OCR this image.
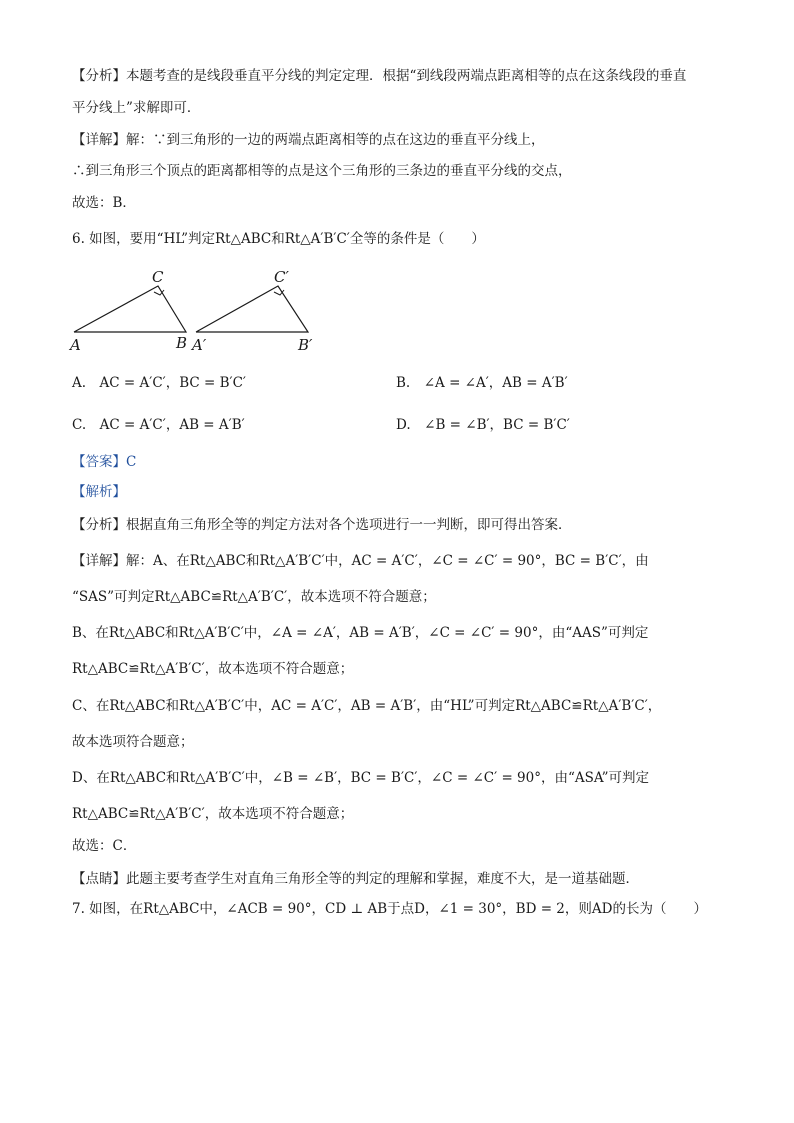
【分析】本题考查的是线段垂直平分线的判定定理．根据“到线段两端点距离相等的点在这条线段的垂直
平分线上”求解即可．
【详解】解：∵到三角形的一边的两端点距离相等的点在这边的垂直平分线上，
∴到三角形三个顶点的距离都相等的点是这个三角形的三条边的垂直平分线的交点，
故选：B．
6. 如图，要用“HL”判定Rt△ABC和Rt△A′B′C′全等的条件是（　　）
C
A	B
C′
A′	B′
A.　AC = A′C′，BC = B′C′	B.　∠A = ∠A′，AB = A′B′
C.　AC = A′C′，AB = A′B′	D.　∠B = ∠B′，BC = B′C′
【答案】C
【解析】
【分析】根据直角三角形全等的判定方法对各个选项进行一一判断，即可得出答案．
【详解】解：A、在Rt△ABC和Rt△A′B′C′中，AC = A′C′，∠C = ∠C′ = 90°，BC = B′C′，由
“SAS”可判定Rt△ABC≌Rt△A′B′C′，故本选项不符合题意；
B、在Rt△ABC和Rt△A′B′C′中，∠A = ∠A′，AB = A′B′，∠C = ∠C′ = 90°，由“AAS”可判定
Rt△ABC≌Rt△A′B′C′，故本选项不符合题意；
C、在Rt△ABC和Rt△A′B′C′中，AC = A′C′，AB = A′B′，由“HL”可判定Rt△ABC≌Rt△A′B′C′，
故本选项符合题意；
D、在Rt△ABC和Rt△A′B′C′中，∠B = ∠B′，BC = B′C′，∠C = ∠C′ = 90°，由“ASA”可判定
Rt△ABC≌Rt△A′B′C′，故本选项不符合题意；
故选：C．
【点睛】此题主要考查学生对直角三角形全等的判定的理解和掌握，难度不大，是一道基础题．
7. 如图，在Rt△ABC中，∠ACB = 90°，CD ⊥ AB于点D，∠1 = 30°，BD = 2，则AD的长为（　　）
